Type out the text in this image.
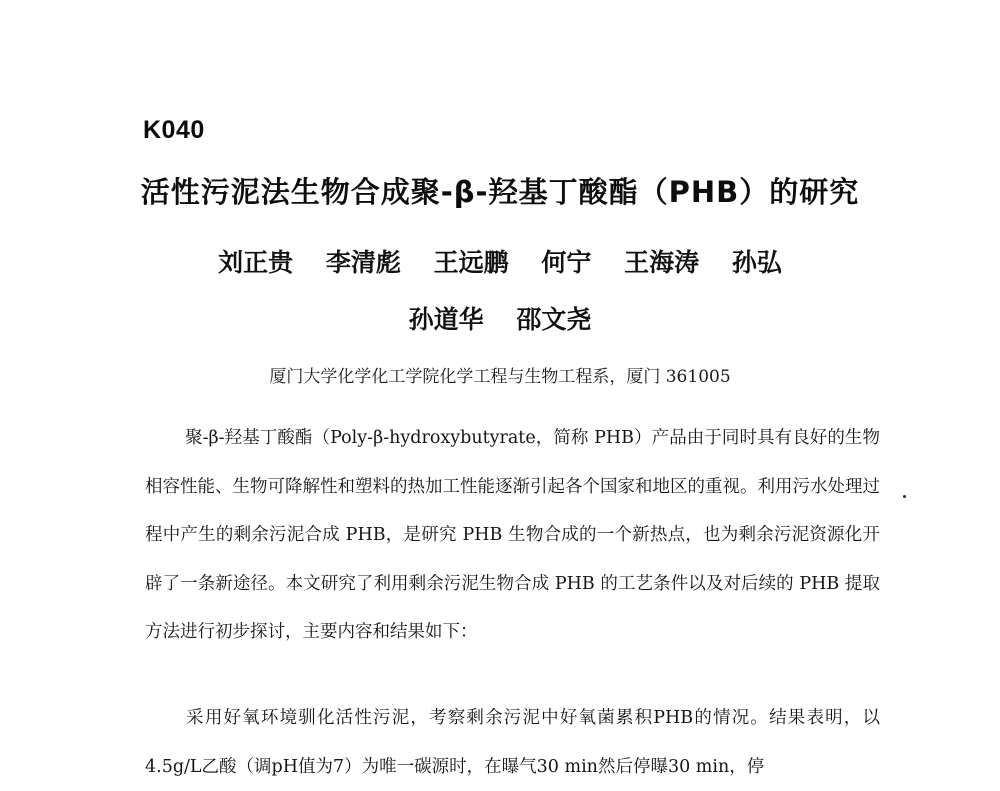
K040
活性污泥法生物合成聚-β-羟基丁酸酯（PHB）的研究
刘正贵 李清彪 王远鹏 何宁 王海涛 孙弘
孙道华 邵文尧
厦门大学化学化工学院化学工程与生物工程系，厦门 361005
聚-β-羟基丁酸酯（Poly-β-hydroxybutyrate，简称 PHB）产品由于同时具有良好的生物相容性能、生物可降解性和塑料的热加工性能逐渐引起各个国家和地区的重视。利用污水处理过程中产生的剩余污泥合成 PHB，是研究 PHB 生物合成的一个新热点，也为剩余污泥资源化开辟了一条新途径。本文研究了利用剩余污泥生物合成 PHB 的工艺条件以及对后续的 PHB 提取方法进行初步探讨，主要内容和结果如下：
采用好氧环境驯化活性污泥，考察剩余污泥中好氧菌累积PHB的情况。结果表明，以4.5g/L乙酸（调pH值为7）为唯一碳源时，在曝气30 min然后停曝30 min，停
